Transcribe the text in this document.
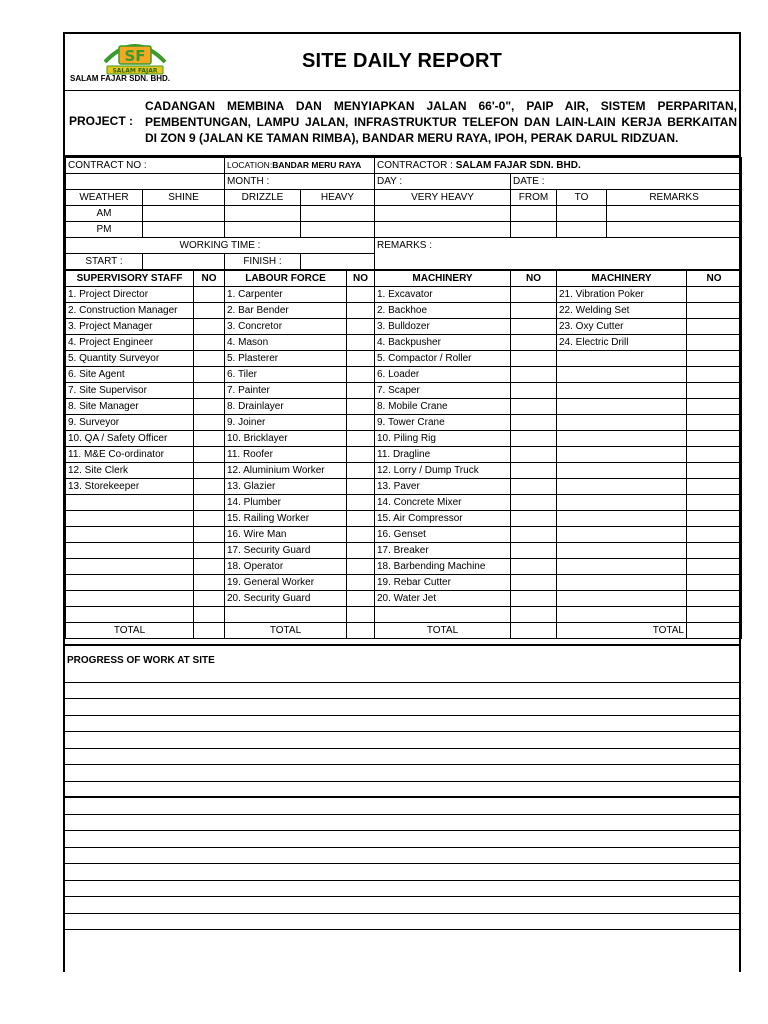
SF
SALAM FAJAR
SALAM FAJAR SDN. BHD.
SITE DAILY REPORT
PROJECT :
CADANGAN MEMBINA DAN MENYIAPKAN JALAN 66'-0", PAIP AIR, SISTEM PERPARITAN,
PEMBENTUNGAN, LAMPU JALAN, INFRASTRUKTUR TELEFON DAN LAIN-LAIN KERJA BERKAITAN
DI ZON 9 (JALAN KE TAMAN RIMBA), BANDAR MERU RAYA, IPOH, PERAK DARUL RIDZUAN.
CONTRACT NO :		LOCATION:BANDAR MERU RAYA		CONTRACTOR : SALAM FAJAR SDN. BHD.			
		MONTH :		DAY :	DATE :		
WEATHER	SHINE	DRIZZLE	HEAVY	VERY HEAVY	FROM	TO	REMARKS
AM							
PM							
WORKING TIME :				REMARKS :			
START :		FINISH :					
SUPERVISORY STAFF	NO	LABOUR FORCE	NO	MACHINERY	NO	MACHINERY	NO
1. Project Director		1. Carpenter		1. Excavator		21. Vibration Poker	
2. Construction Manager		2. Bar Bender		2. Backhoe		22. Welding Set	
3. Project Manager		3. Concretor		3. Bulldozer		23. Oxy Cutter	
4. Project Engineer		4. Mason		4. Backpusher		24. Electric Drill	
5. Quantity Surveyor		5. Plasterer		5. Compactor / Roller			
6. Site Agent		6. Tiler		6. Loader			
7. Site Supervisor		7. Painter		7. Scaper			
8. Site Manager		8. Drainlayer		8. Mobile Crane			
9. Surveyor		9. Joiner		9. Tower Crane			
10. QA / Safety Officer		10. Bricklayer		10. Piling Rig			
11. M&E Co-ordinator		11. Roofer		11. Dragline			
12. Site Clerk		12. Aluminium Worker		12. Lorry / Dump Truck			
13. Storekeeper		13. Glazier		13. Paver			
		14. Plumber		14. Concrete Mixer			
		15. Railing Worker		15. Air Compressor			
		16. Wire Man		16. Genset			
		17. Security Guard		17. Breaker			
		18. Operator		18. Barbending Machine			
		19. General Worker		19. Rebar Cutter			
		20. Security Guard		20. Water Jet			

TOTAL		TOTAL		TOTAL		TOTAL	
PROGRESS OF WORK AT SITE
